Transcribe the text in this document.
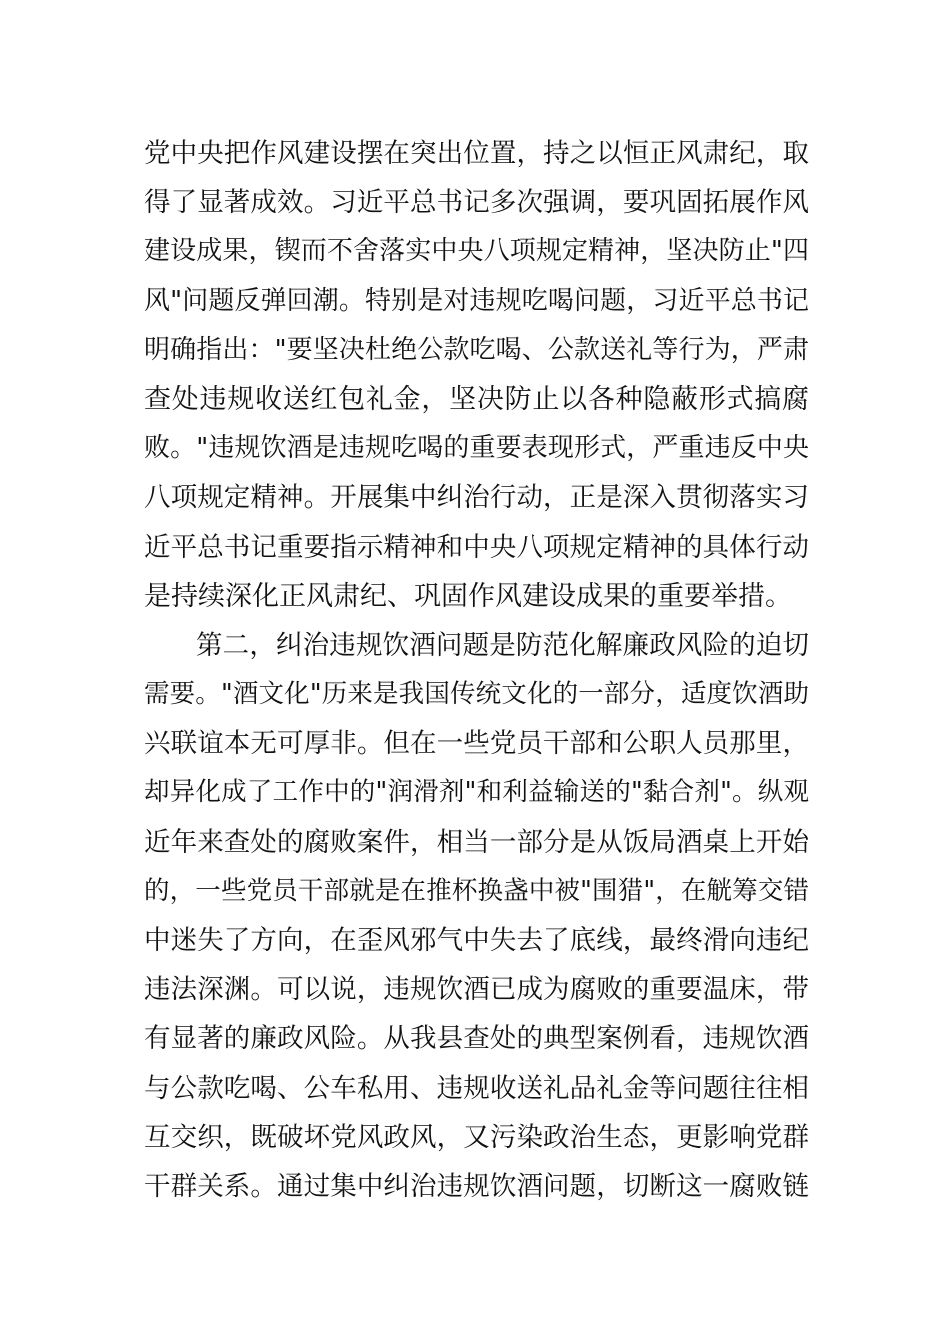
党中央把作风建设摆在突出位置，持之以恒正风肃纪，取
得了显著成效。习近平总书记多次强调，要巩固拓展作风
建设成果，锲而不舍落实中央八项规定精神，坚决防止"四
风"问题反弹回潮。特别是对违规吃喝问题，习近平总书记
明确指出："要坚决杜绝公款吃喝、公款送礼等行为，严肃
查处违规收送红包礼金，坚决防止以各种隐蔽形式搞腐
败。"违规饮酒是违规吃喝的重要表现形式，严重违反中央
八项规定精神。开展集中纠治行动，正是深入贯彻落实习
近平总书记重要指示精神和中央八项规定精神的具体行动
是持续深化正风肃纪、巩固作风建设成果的重要举措。
第二，纠治违规饮酒问题是防范化解廉政风险的迫切
需要。"酒文化"历来是我国传统文化的一部分，适度饮酒助
兴联谊本无可厚非。但在一些党员干部和公职人员那里，
却异化成了工作中的"润滑剂"和利益输送的"黏合剂"。纵观
近年来查处的腐败案件，相当一部分是从饭局酒桌上开始
的，一些党员干部就是在推杯换盏中被"围猎"，在觥筹交错
中迷失了方向，在歪风邪气中失去了底线，最终滑向违纪
违法深渊。可以说，违规饮酒已成为腐败的重要温床，带
有显著的廉政风险。从我县查处的典型案例看，违规饮酒
与公款吃喝、公车私用、违规收送礼品礼金等问题往往相
互交织，既破坏党风政风，又污染政治生态，更影响党群
干群关系。通过集中纠治违规饮酒问题，切断这一腐败链
